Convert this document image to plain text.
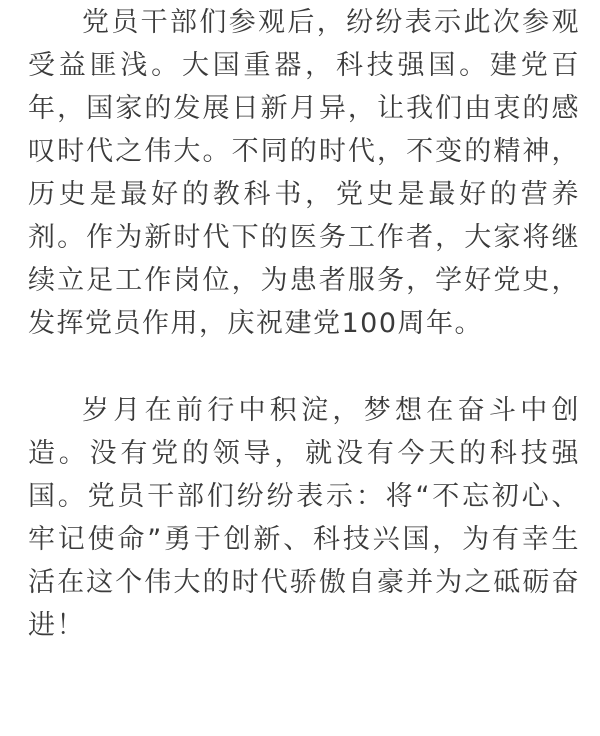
党员干部们参观后，纷纷表示此次参观受益匪浅。大国重器，科技强国。建党百年，国家的发展日新月异，让我们由衷的感叹时代之伟大。不同的时代，不变的精神，历史是最好的教科书，党史是最好的营养剂。作为新时代下的医务工作者，大家将继续立足工作岗位，为患者服务，学好党史，发挥党员作用，庆祝建党100周年。

岁月在前行中积淀，梦想在奋斗中创造。没有党的领导，就没有今天的科技强国。党员干部们纷纷表示：将“不忘初心、牢记使命”勇于创新、科技兴国，为有幸生活在这个伟大的时代骄傲自豪并为之砥砺奋进！
